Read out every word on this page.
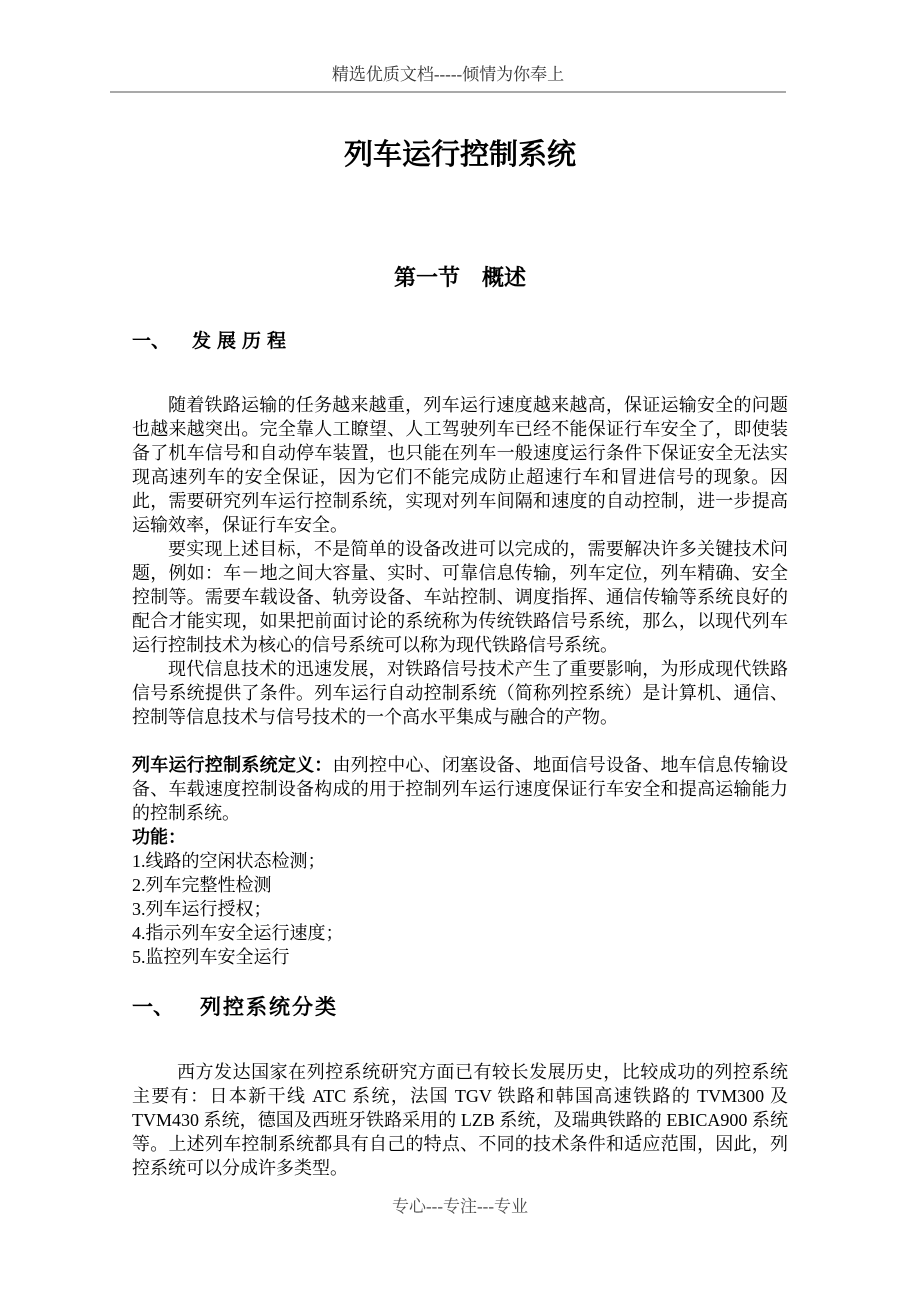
精选优质文档-----倾情为你奉上
列车运行控制系统
第一节　概述
一、 发展历程
随着铁路运输的任务越来越重，列车运行速度越来越高，保证运输安全的问题也越来越突出。完全靠人工瞭望、人工驾驶列车已经不能保证行车安全了，即使装备了机车信号和自动停车装置，也只能在列车一般速度运行条件下保证安全无法实现高速列车的安全保证，因为它们不能完成防止超速行车和冒进信号的现象。因此，需要研究列车运行控制系统，实现对列车间隔和速度的自动控制，进一步提高运输效率，保证行车安全。
要实现上述目标，不是简单的设备改进可以完成的，需要解决许多关键技术问题，例如：车－地之间大容量、实时、可靠信息传输，列车定位，列车精确、安全控制等。需要车载设备、轨旁设备、车站控制、调度指挥、通信传输等系统良好的配合才能实现，如果把前面讨论的系统称为传统铁路信号系统，那么，以现代列车运行控制技术为核心的信号系统可以称为现代铁路信号系统。
现代信息技术的迅速发展，对铁路信号技术产生了重要影响，为形成现代铁路信号系统提供了条件。列车运行自动控制系统（简称列控系统）是计算机、通信、控制等信息技术与信号技术的一个高水平集成与融合的产物。
列车运行控制系统定义：由列控中心、闭塞设备、地面信号设备、地车信息传输设备、车载速度控制设备构成的用于控制列车运行速度保证行车安全和提高运输能力的控制系统。
功能：
1.线路的空闲状态检测；
2.列车完整性检测
3.列车运行授权；
4.指示列车安全运行速度；
5.监控列车安全运行
一、 列控系统分类
西方发达国家在列控系统研究方面已有较长发展历史，比较成功的列控系统主要有：日本新干线 ATC 系统，法国 TGV 铁路和韩国高速铁路的 TVM300 及 TVM430 系统，德国及西班牙铁路采用的 LZB 系统，及瑞典铁路的 EBICA900 系统等。上述列车控制系统都具有自己的特点、不同的技术条件和适应范围，因此，列控系统可以分成许多类型。
专心---专注---专业
